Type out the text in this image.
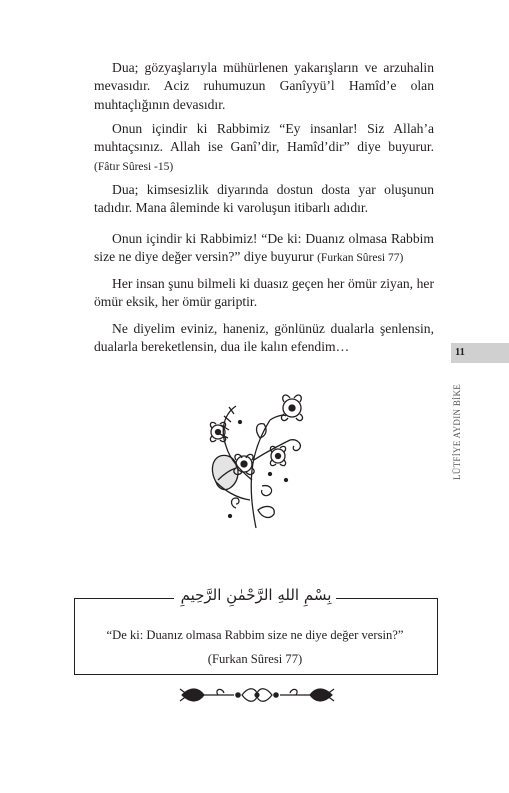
Dua; gözyaşlarıyla mühürlenen yakarışların ve arzuhalin mevasıdır. Aciz ruhumuzun Ganîyyü’l Hamîd’e olan muhtaçlığının devasıdır.

Onun içindir ki Rabbimiz “Ey insanlar! Siz Allah’a muhtaçsınız. Allah ise Ganî’dir, Hamîd’dir” diye buyurur. (Fâtır Sûresi -15)

Dua; kimsesizlik diyarında dostun dosta yar oluşunun tadıdır. Mana âleminde ki varoluşun itibarlı adıdır.

Onun içindir ki Rabbimiz! “De ki: Duanız olmasa Rabbim size ne diye değer versin?” diye buyurur (Furkan Sûresi 77)

Her insan şunu bilmeli ki duasız geçen her ömür ziyan, her ömür eksik, her ömür gariptir.

Ne diyelim eviniz, haneniz, gönlünüz dualarla şenlensin, dualarla bereketlensin, dua ile kalın efendim…	11
LÜTFİYE AYDIN BİKE
بِسْمِ اللهِ الرَّحْمٰنِ الرَّحِيمِ
“De ki: Duanız olmasa Rabbim size ne diye değer versin?”
(Furkan Sûresi 77)
